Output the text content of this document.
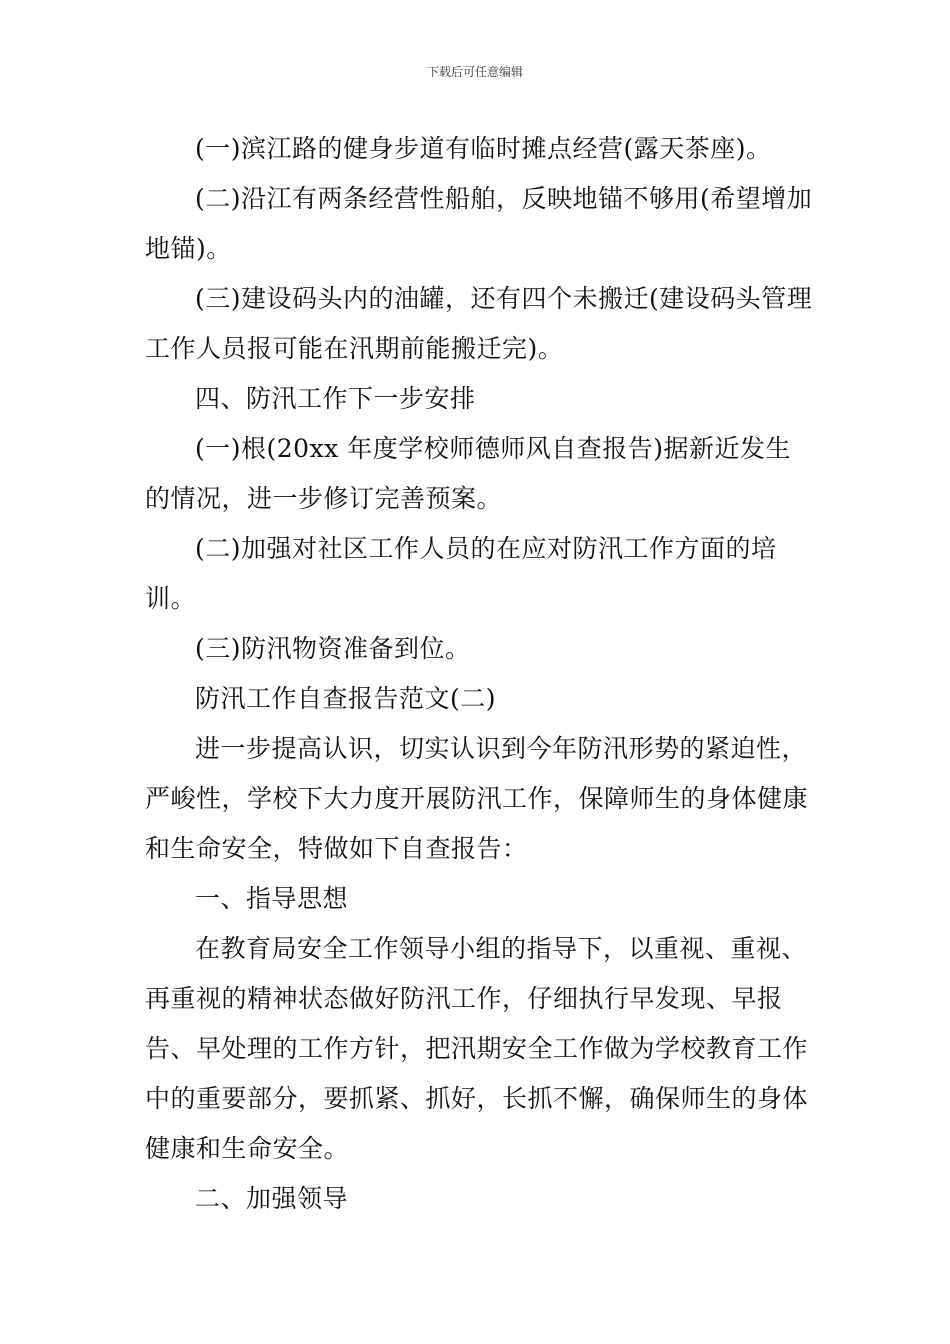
下载后可任意编辑

(一)滨江路的健身步道有临时摊点经营(露天茶座)。

(二)沿江有两条经营性船舶，反映地锚不够用(希望增加地锚)。

(三)建设码头内的油罐，还有四个未搬迁(建设码头管理工作人员报可能在汛期前能搬迁完)。

四、防汛工作下一步安排

(一)根(20xx 年度学校师德师风自查报告)据新近发生的情况，进一步修订完善预案。

(二)加强对社区工作人员的在应对防汛工作方面的培训。

(三)防汛物资准备到位。

防汛工作自查报告范文(二)

进一步提高认识，切实认识到今年防汛形势的紧迫性，严峻性，学校下大力度开展防汛工作，保障师生的身体健康和生命安全，特做如下自查报告：

一、指导思想

在教育局安全工作领导小组的指导下，以重视、重视、再重视的精神状态做好防汛工作，仔细执行早发现、早报告、早处理的工作方针，把汛期安全工作做为学校教育工作中的重要部分，要抓紧、抓好，长抓不懈，确保师生的身体健康和生命安全。

二、加强领导
